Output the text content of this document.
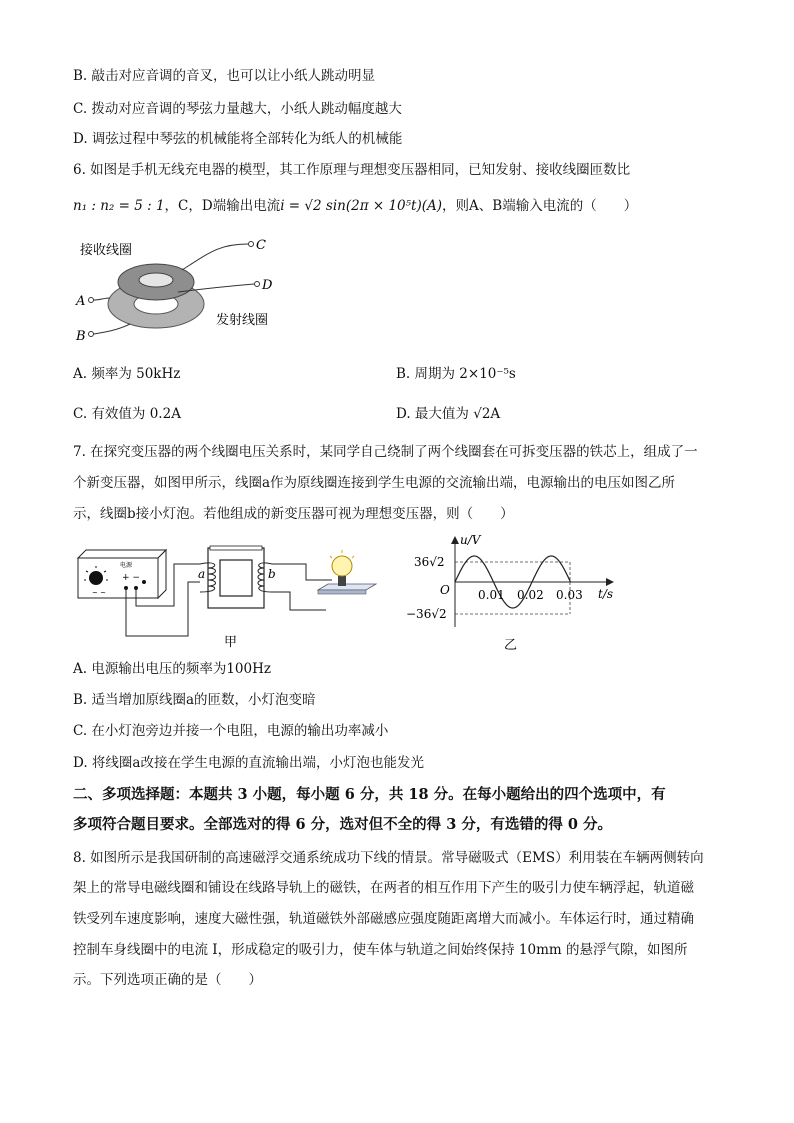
B. 敲击对应音调的音叉，也可以让小纸人跳动明显
C. 拨动对应音调的琴弦力量越大，小纸人跳动幅度越大
D. 调弦过程中琴弦的机械能将全部转化为纸人的机械能
6. 如图是手机无线充电器的模型，其工作原理与理想变压器相同，已知发射、接收线圈匝数比
n₁ : n₂ = 5 : 1，C，D端输出电流i = √2 sin(2π × 10⁵t)(A)，则A、B端输入电流的（　　）
接收线圈	C
D
A
B
发射线圈
A. 频率为 50kHz	B. 周期为 2×10⁻⁵s
C. 有效值为 0.2A	D. 最大值为 √2A
7. 在探究变压器的两个线圈电压关系时，某同学自己绕制了两个线圈套在可拆变压器的铁芯上，组成了一
个新变压器，如图甲所示，线圈a作为原线圈连接到学生电源的交流输出端，电源输出的电压如图乙所
示，线圈b接小灯泡。若他组成的新变压器可视为理想变压器，则（　　）
电源
+ −
~ ~
a	b
甲
u/V
t/s
O
36√2
−36√2
0.01 0.02 0.03
乙
A. 电源输出电压的频率为100Hz
B. 适当增加原线圈a的匝数，小灯泡变暗
C. 在小灯泡旁边并接一个电阻，电源的输出功率减小
D. 将线圈a改接在学生电源的直流输出端，小灯泡也能发光
二、多项选择题：本题共 3 小题，每小题 6 分，共 18 分。在每小题给出的四个选项中，有
多项符合题目要求。全部选对的得 6 分，选对但不全的得 3 分，有选错的得 0 分。
8. 如图所示是我国研制的高速磁浮交通系统成功下线的情景。常导磁吸式（EMS）利用装在车辆两侧转向
架上的常导电磁线圈和铺设在线路导轨上的磁铁，在两者的相互作用下产生的吸引力使车辆浮起，轨道磁
铁受列车速度影响，速度大磁性强，轨道磁铁外部磁感应强度随距离增大而减小。车体运行时，通过精确
控制车身线圈中的电流 I，形成稳定的吸引力，使车体与轨道之间始终保持 10mm 的悬浮气隙，如图所
示。下列选项正确的是（　　）
